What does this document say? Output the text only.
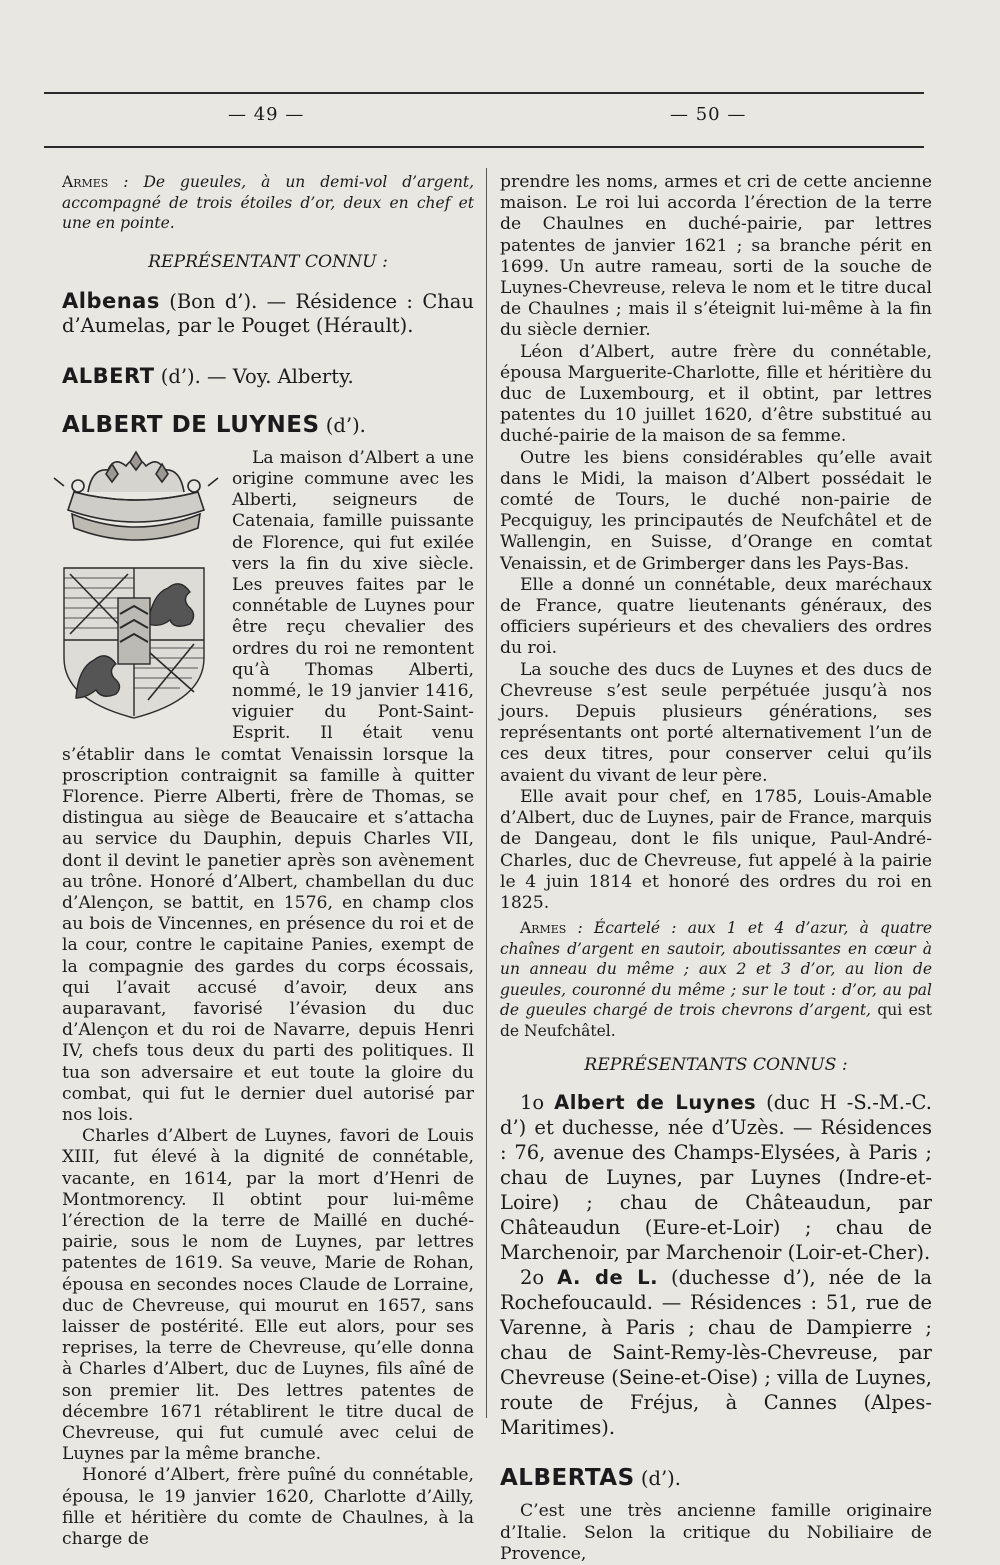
— 49 —	— 50 —

Armes : De gueules, à un demi-vol d’argent, accompagné de trois étoiles d’or, deux en chef et une en pointe.

REPRÉSENTANT CONNU :

Albenas (Bon d’). — Résidence : Chau d’Aumelas, par le Pouget (Hérault).

ALBERT (d’). — Voy. Alberty.

ALBERT DE LUYNES (d’).

La maison d’Albert a une origine commune avec les Alberti, seigneurs de Catenaia, famille puissante de Florence, qui fut exilée vers la fin du xive siècle. Les preuves faites par le connétable de Luynes pour être reçu chevalier des ordres du roi ne remontent qu’à Thomas Alberti, nommé, le 19 janvier 1416, viguier du Pont-Saint-Esprit. Il était venu s’établir dans le comtat Venaissin lorsque la proscription contraignit sa famille à quitter Florence. Pierre Alberti, frère de Thomas, se distingua au siège de Beaucaire et s’attacha au service du Dauphin, depuis Charles VII, dont il devint le panetier après son avènement au trône. Honoré d’Albert, chambellan du duc d’Alençon, se battit, en 1576, en champ clos au bois de Vincennes, en présence du roi et de la cour, contre le capitaine Panies, exempt de la compagnie des gardes du corps écossais, qui l’avait accusé d’avoir, deux ans auparavant, favorisé l’évasion du duc d’Alençon et du roi de Navarre, depuis Henri IV, chefs tous deux du parti des politiques. Il tua son adversaire et eut toute la gloire du combat, qui fut le dernier duel autorisé par nos lois.

Charles d’Albert de Luynes, favori de Louis XIII, fut élevé à la dignité de connétable, vacante, en 1614, par la mort d’Henri de Montmorency. Il obtint pour lui-même l’érection de la terre de Maillé en duché-pairie, sous le nom de Luynes, par lettres patentes de 1619. Sa veuve, Marie de Rohan, épousa en secondes noces Claude de Lorraine, duc de Chevreuse, qui mourut en 1657, sans laisser de postérité. Elle eut alors, pour ses reprises, la terre de Chevreuse, qu’elle donna à Charles d’Albert, duc de Luynes, fils aîné de son premier lit. Des lettres patentes de décembre 1671 rétablirent le titre ducal de Chevreuse, qui fut cumulé avec celui de Luynes par la même branche.

Honoré d’Albert, frère puîné du connétable, épousa, le 19 janvier 1620, Charlotte d’Ailly, fille et héritière du comte de Chaulnes, à la charge de

prendre les noms, armes et cri de cette ancienne maison. Le roi lui accorda l’érection de la terre de Chaulnes en duché-pairie, par lettres patentes de janvier 1621 ; sa branche périt en 1699. Un autre rameau, sorti de la souche de Luynes-Chevreuse, releva le nom et le titre ducal de Chaulnes ; mais il s’éteignit lui-même à la fin du siècle dernier.

Léon d’Albert, autre frère du connétable, épousa Marguerite-Charlotte, fille et héritière du duc de Luxembourg, et il obtint, par lettres patentes du 10 juillet 1620, d’être substitué au duché-pairie de la maison de sa femme.

Outre les biens considérables qu’elle avait dans le Midi, la maison d’Albert possédait le comté de Tours, le duché non-pairie de Pecquiguy, les principautés de Neufchâtel et de Wallengin, en Suisse, d’Orange en comtat Venaissin, et de Grimberger dans les Pays-Bas.

Elle a donné un connétable, deux maréchaux de France, quatre lieutenants généraux, des officiers supérieurs et des chevaliers des ordres du roi.

La souche des ducs de Luynes et des ducs de Chevreuse s’est seule perpétuée jusqu’à nos jours. Depuis plusieurs générations, ses représentants ont porté alternativement l’un de ces deux titres, pour conserver celui qu’ils avaient du vivant de leur père.

Elle avait pour chef, en 1785, Louis-Amable d’Albert, duc de Luynes, pair de France, marquis de Dangeau, dont le fils unique, Paul-André-Charles, duc de Chevreuse, fut appelé à la pairie le 4 juin 1814 et honoré des ordres du roi en 1825.

Armes : Écartelé : aux 1 et 4 d’azur, à quatre chaînes d’argent en sautoir, aboutissantes en cœur à un anneau du même ; aux 2 et 3 d’or, au lion de gueules, couronné du même ; sur le tout : d’or, au pal de gueules chargé de trois chevrons d’argent, qui est de Neufchâtel.

REPRÉSENTANTS CONNUS :

1o Albert de Luynes (duc H -S.-M.-C. d’) et duchesse, née d’Uzès. — Résidences : 76, avenue des Champs-Elysées, à Paris ; chau de Luynes, par Luynes (Indre-et-Loire) ; chau de Châteaudun, par Châteaudun (Eure-et-Loir) ; chau de Marchenoir, par Marchenoir (Loir-et-Cher).

2o A. de L. (duchesse d’), née de la Rochefoucauld. — Résidences : 51, rue de Varenne, à Paris ; chau de Dampierre ; chau de Saint-Remy-lès-Chevreuse, par Chevreuse (Seine-et-Oise) ; villa de Luynes, route de Fréjus, à Cannes (Alpes-Maritimes).

ALBERTAS (d’).

C’est une très ancienne famille originaire d’Italie. Selon la critique du Nobiliaire de Provence,
